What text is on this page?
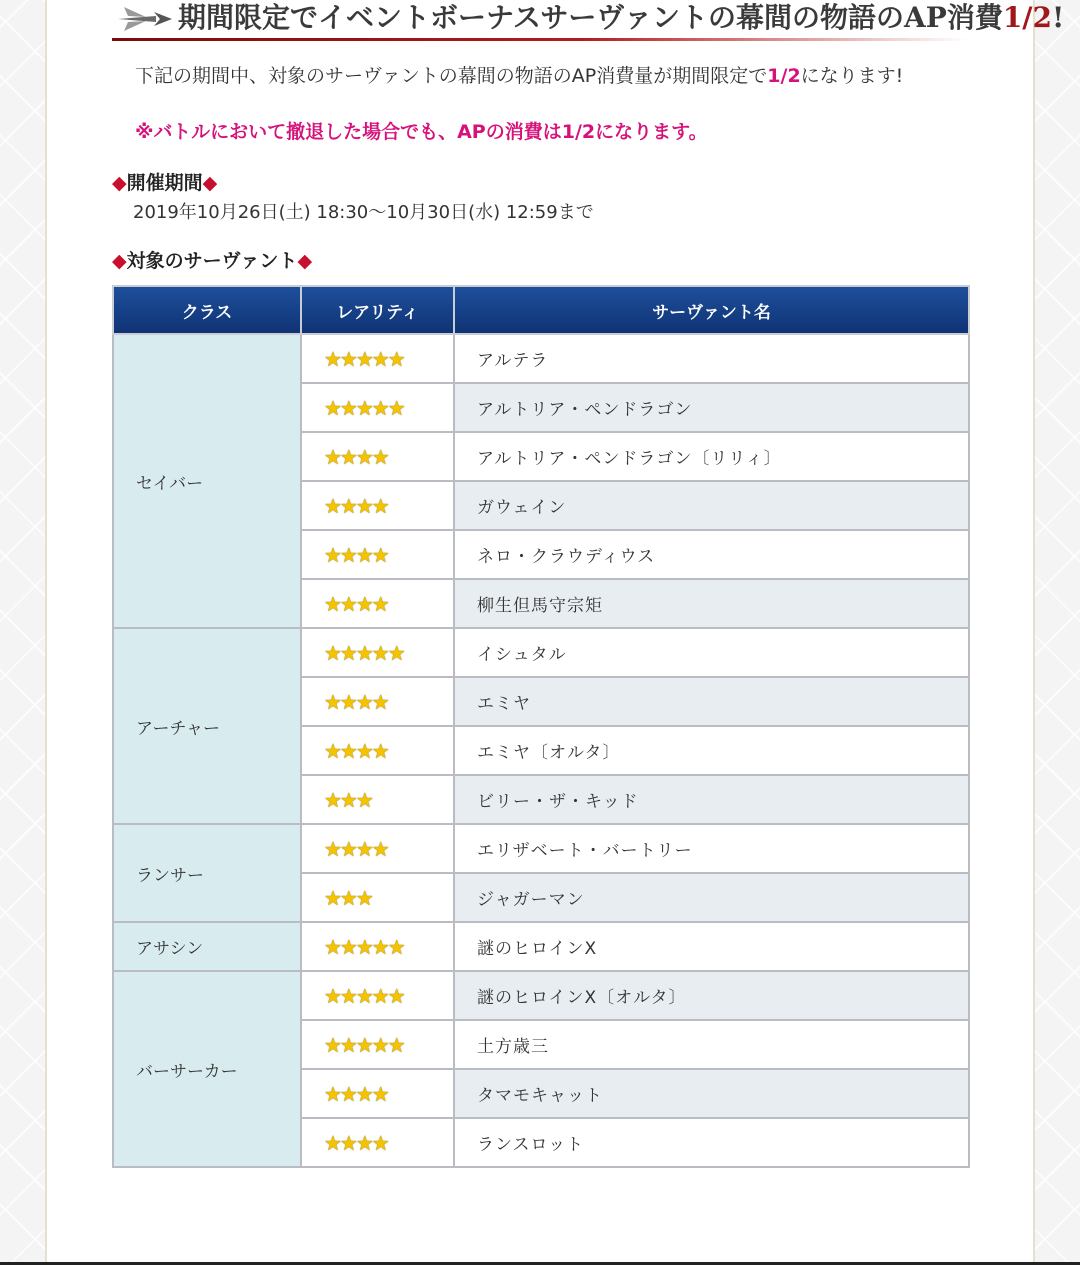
期間限定でイベントボーナスサーヴァントの幕間の物語のAP消費1/2!
下記の期間中、対象のサーヴァントの幕間の物語のAP消費量が期間限定で1/2になります!
※バトルにおいて撤退した場合でも、APの消費は1/2になります。
◆開催期間◆
2019年10月26日(土) 18:30〜10月30日(水) 12:59まで
◆対象のサーヴァント◆
クラス	レアリティ	サーヴァント名
セイバー	★★★★★	アルテラ
	★★★★★	アルトリア・ペンドラゴン
	★★★★	アルトリア・ペンドラゴン〔リリィ〕
	★★★★	ガウェイン
	★★★★	ネロ・クラウディウス
	★★★★	柳生但馬守宗矩
アーチャー	★★★★★	イシュタル
	★★★★	エミヤ
	★★★★	エミヤ〔オルタ〕
	★★★	ビリー・ザ・キッド
ランサー	★★★★	エリザベート・バートリー
	★★★	ジャガーマン
アサシン	★★★★★	謎のヒロインX
バーサーカー	★★★★★	謎のヒロインX〔オルタ〕
	★★★★★	土方歳三
	★★★★	タマモキャット
	★★★★	ランスロット
